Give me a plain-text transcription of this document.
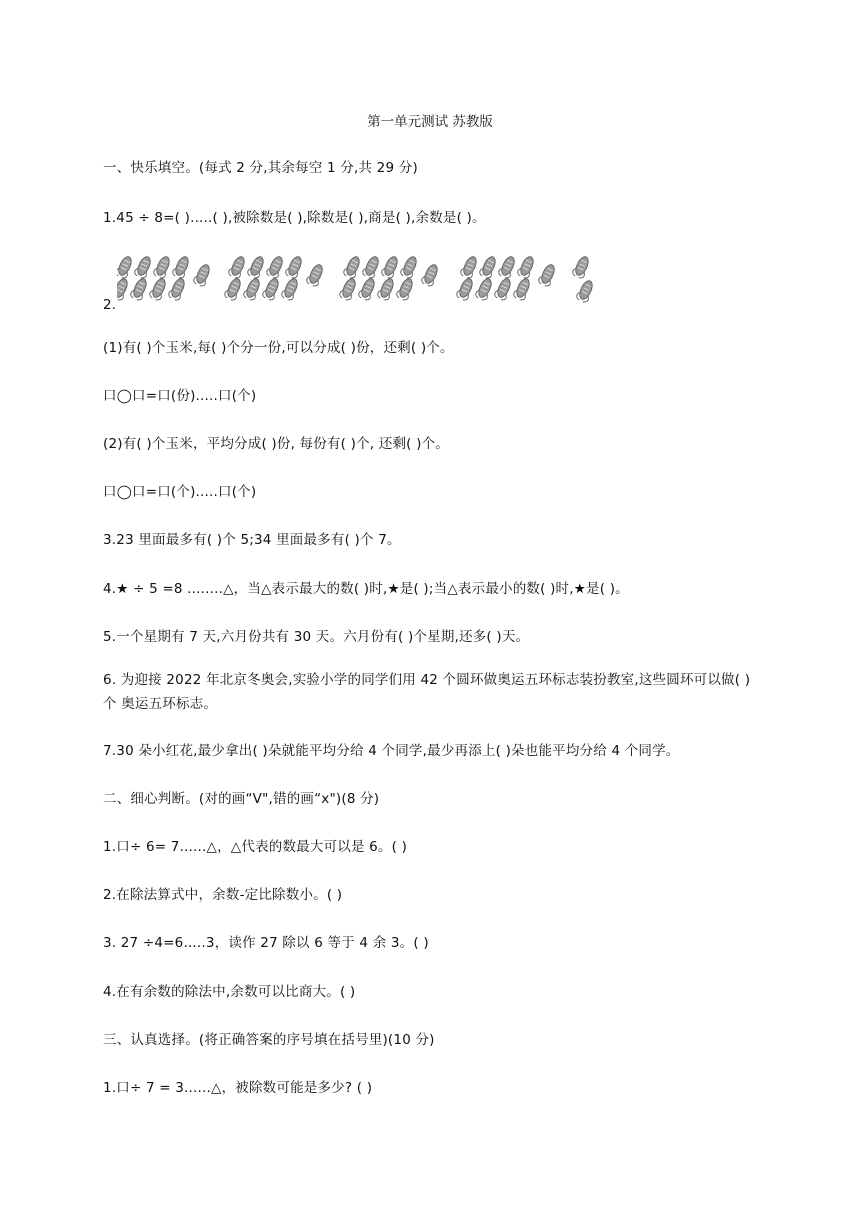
第一单元测试 苏教版
一、快乐填空。(每式 2 分,其余每空 1 分,共 29 分)
1.45 ÷ 8=( ).....( ),被除数是( ),除数是( ),商是( ),余数是( )。
2.
(1)有( )个玉米,每( )个分一份,可以分成( )份，还剩( )个。
口◯口=口(份).....口(个)
(2)有( )个玉米，平均分成( )份, 每份有( )个, 还剩( )个。
口◯口=口(个).....口(个)
3.23 里面最多有( )个 5;34 里面最多有( )个 7。
4.★ ÷ 5 =8 ........△，当△表示最大的数( )时,★是( );当△表示最小的数( )时,★是( )。
5.一个星期有 7 天,六月份共有 30 天。六月份有( )个星期,还多( )天。
6. 为迎接 2022 年北京冬奥会,实验小学的同学们用 42 个圆环做奥运五环标志装扮教室,这些圆环可以做( )个 奥运五环标志。
7.30 朵小红花,最少拿出( )朵就能平均分给 4 个同学,最少再添上( )朵也能平均分给 4 个同学。
二、细心判断。(对的画“V",错的画“x")(8 分)
1.口÷ 6= 7......△，△代表的数最大可以是 6。( )
2.在除法算式中，余数-定比除数小。( )
3. 27 ÷4=6.....3，读作 27 除以 6 等于 4 余 3。( )
4.在有余数的除法中,余数可以比商大。( )
三、认真选择。(将正确答案的序号填在括号里)(10 分)
1.口÷ 7 = 3......△，被除数可能是多少? ( )
